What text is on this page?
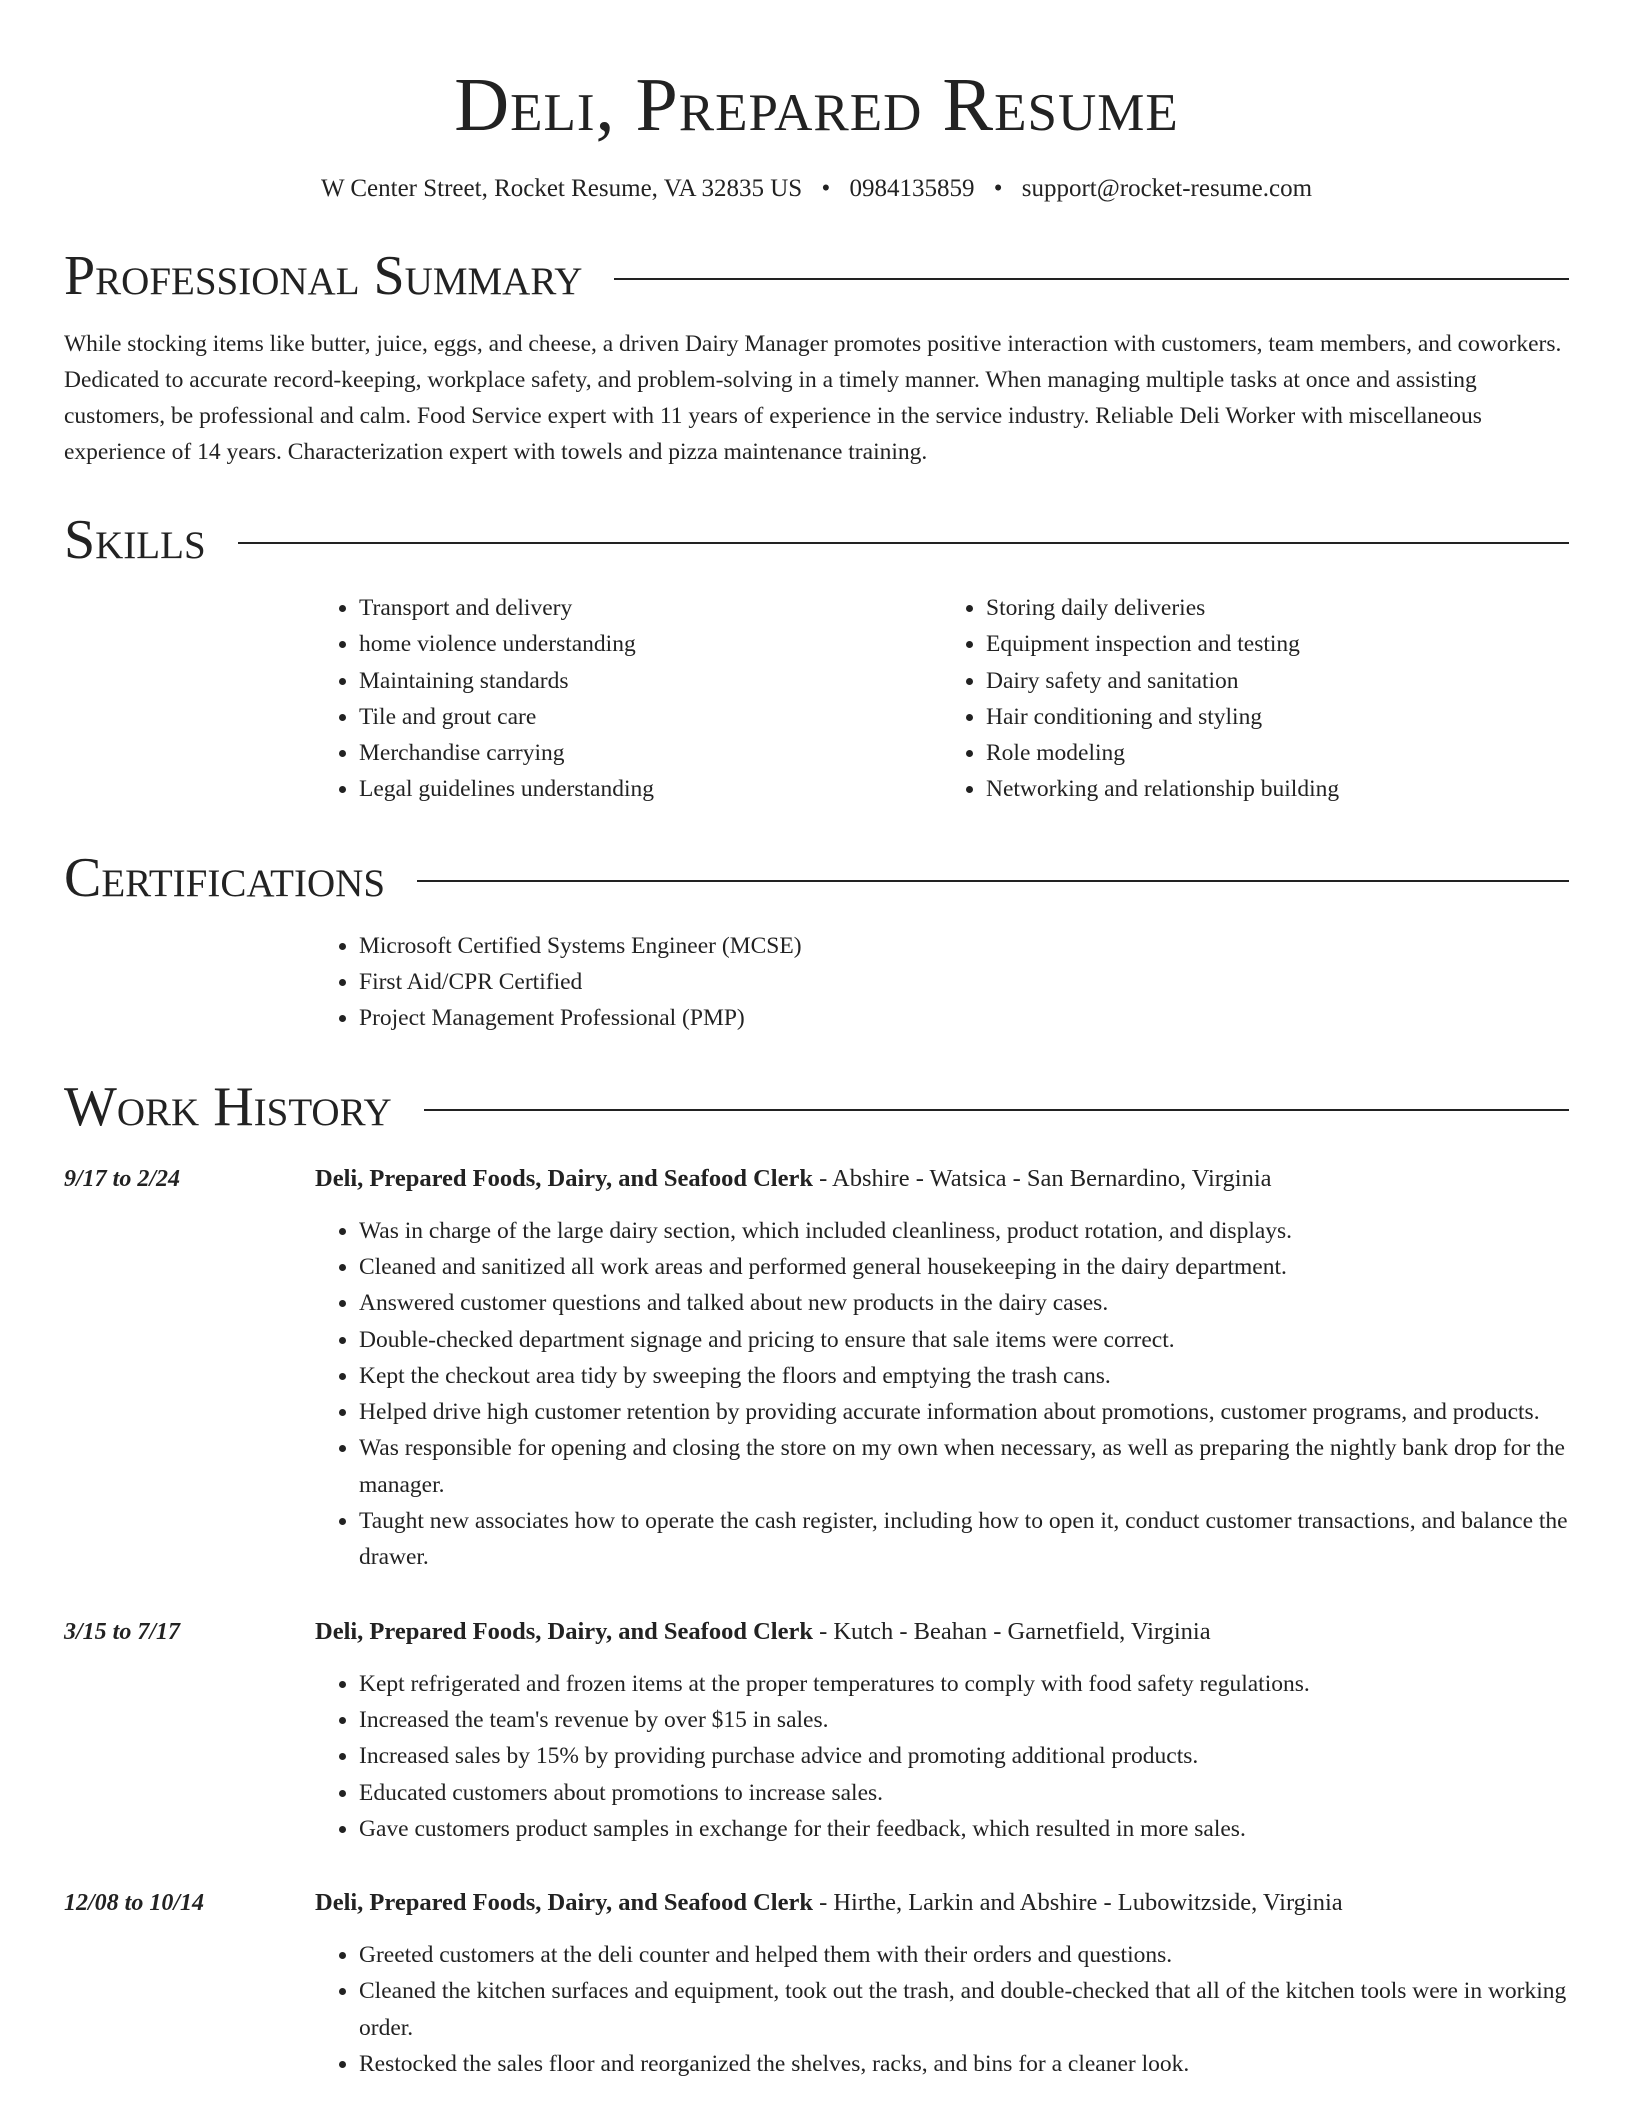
Deli, Prepared Resume
W Center Street, Rocket Resume, VA 32835 US • 0984135859 • support@rocket-resume.com
Professional Summary

While stocking items like butter, juice, eggs, and cheese, a driven Dairy Manager promotes positive interaction with customers, team members, and coworkers. Dedicated to accurate record-keeping, workplace safety, and problem-solving in a timely manner. When managing multiple tasks at once and assisting customers, be professional and calm. Food Service expert with 11 years of experience in the service industry. Reliable Deli Worker with miscellaneous experience of 14 years. Characterization expert with towels and pizza maintenance training.

Skills
• Transport and delivery
• home violence understanding
• Maintaining standards
• Tile and grout care
• Merchandise carrying
• Legal guidelines understanding
• Storing daily deliveries
• Equipment inspection and testing
• Dairy safety and sanitation
• Hair conditioning and styling
• Role modeling
• Networking and relationship building
Certifications
• Microsoft Certified Systems Engineer (MCSE)
• First Aid/CPR Certified
• Project Management Professional (PMP)
Work History
9/17 to 2/24	Deli, Prepared Foods, Dairy, and Seafood Clerk - Abshire - Watsica - San Bernardino, Virginia
• Was in charge of the large dairy section, which included cleanliness, product rotation, and displays.
• Cleaned and sanitized all work areas and performed general housekeeping in the dairy department.
• Answered customer questions and talked about new products in the dairy cases.
• Double-checked department signage and pricing to ensure that sale items were correct.
• Kept the checkout area tidy by sweeping the floors and emptying the trash cans.
• Helped drive high customer retention by providing accurate information about promotions, customer programs, and products.
• Was responsible for opening and closing the store on my own when necessary, as well as preparing the nightly bank drop for the manager.
• Taught new associates how to operate the cash register, including how to open it, conduct customer transactions, and balance the drawer.
3/15 to 7/17	Deli, Prepared Foods, Dairy, and Seafood Clerk - Kutch - Beahan - Garnetfield, Virginia
• Kept refrigerated and frozen items at the proper temperatures to comply with food safety regulations.
• Increased the team's revenue by over $15 in sales.
• Increased sales by 15% by providing purchase advice and promoting additional products.
• Educated customers about promotions to increase sales.
• Gave customers product samples in exchange for their feedback, which resulted in more sales.
12/08 to 10/14	Deli, Prepared Foods, Dairy, and Seafood Clerk - Hirthe, Larkin and Abshire - Lubowitzside, Virginia
• Greeted customers at the deli counter and helped them with their orders and questions.
• Cleaned the kitchen surfaces and equipment, took out the trash, and double-checked that all of the kitchen tools were in working order.
• Restocked the sales floor and reorganized the shelves, racks, and bins for a cleaner look.
